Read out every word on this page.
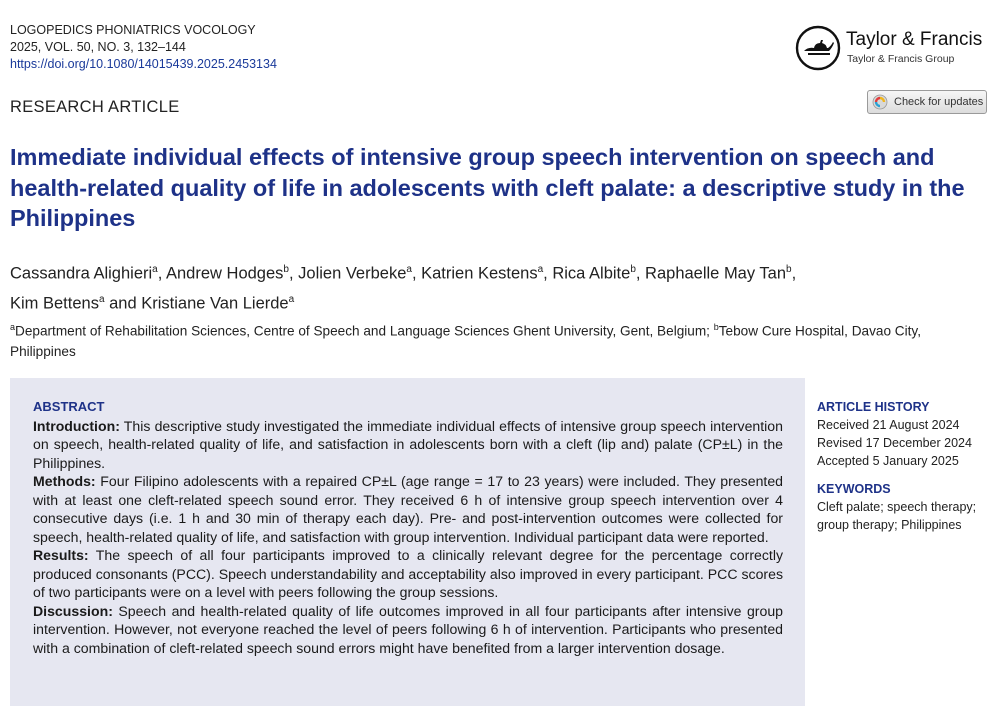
LOGOPEDICS PHONIATRICS VOCOLOGY
2025, VOL. 50, NO. 3, 132–144
https://doi.org/10.1080/14015439.2025.2453134
Taylor & Francis
Taylor & Francis Group
RESEARCH ARTICLE	Check for updates
Immediate individual effects of intensive group speech intervention on speech and health-related quality of life in adolescents with cleft palate: a descriptive study in the Philippines
Cassandra Alighieri$^a$, Andrew Hodges$^b$, Jolien Verbeke$^a$, Katrien Kestens$^a$, Rica Albite$^b$, Raphaelle May Tan$^b$,
Kim Bettens$^a$ and Kristiane Van Lierde$^a$
$^a$Department of Rehabilitation Sciences, Centre of Speech and Language Sciences Ghent University, Gent, Belgium; $^b$Tebow Cure Hospital, Davao City, Philippines
ABSTRACT

Introduction: This descriptive study investigated the immediate individual effects of intensive group speech intervention on speech, health-related quality of life, and satisfaction in adolescents born with a cleft (lip and) palate (CP±L) in the Philippines.

Methods: Four Filipino adolescents with a repaired CP±L (age range = 17 to 23 years) were included. They presented with at least one cleft-related speech sound error. They received 6 h of intensive group speech intervention over 4 consecutive days (i.e. 1 h and 30 min of therapy each day). Pre- and post-intervention outcomes were collected for speech, health-related quality of life, and satisfaction with group intervention. Individual participant data were reported.

Results: The speech of all four participants improved to a clinically relevant degree for the percentage correctly produced consonants (PCC). Speech understandability and acceptability also improved in every participant. PCC scores of two participants were on a level with peers following the group sessions.

Discussion: Speech and health-related quality of life outcomes improved in all four participants after intensive group intervention. However, not everyone reached the level of peers following 6 h of intervention. Participants who presented with a combination of cleft-related speech sound errors might have benefited from a larger intervention dosage.

ARTICLE HISTORY
Received 21 August 2024
Revised 17 December 2024
Accepted 5 January 2025
KEYWORDS
Cleft palate; speech therapy; group therapy; Philippines
